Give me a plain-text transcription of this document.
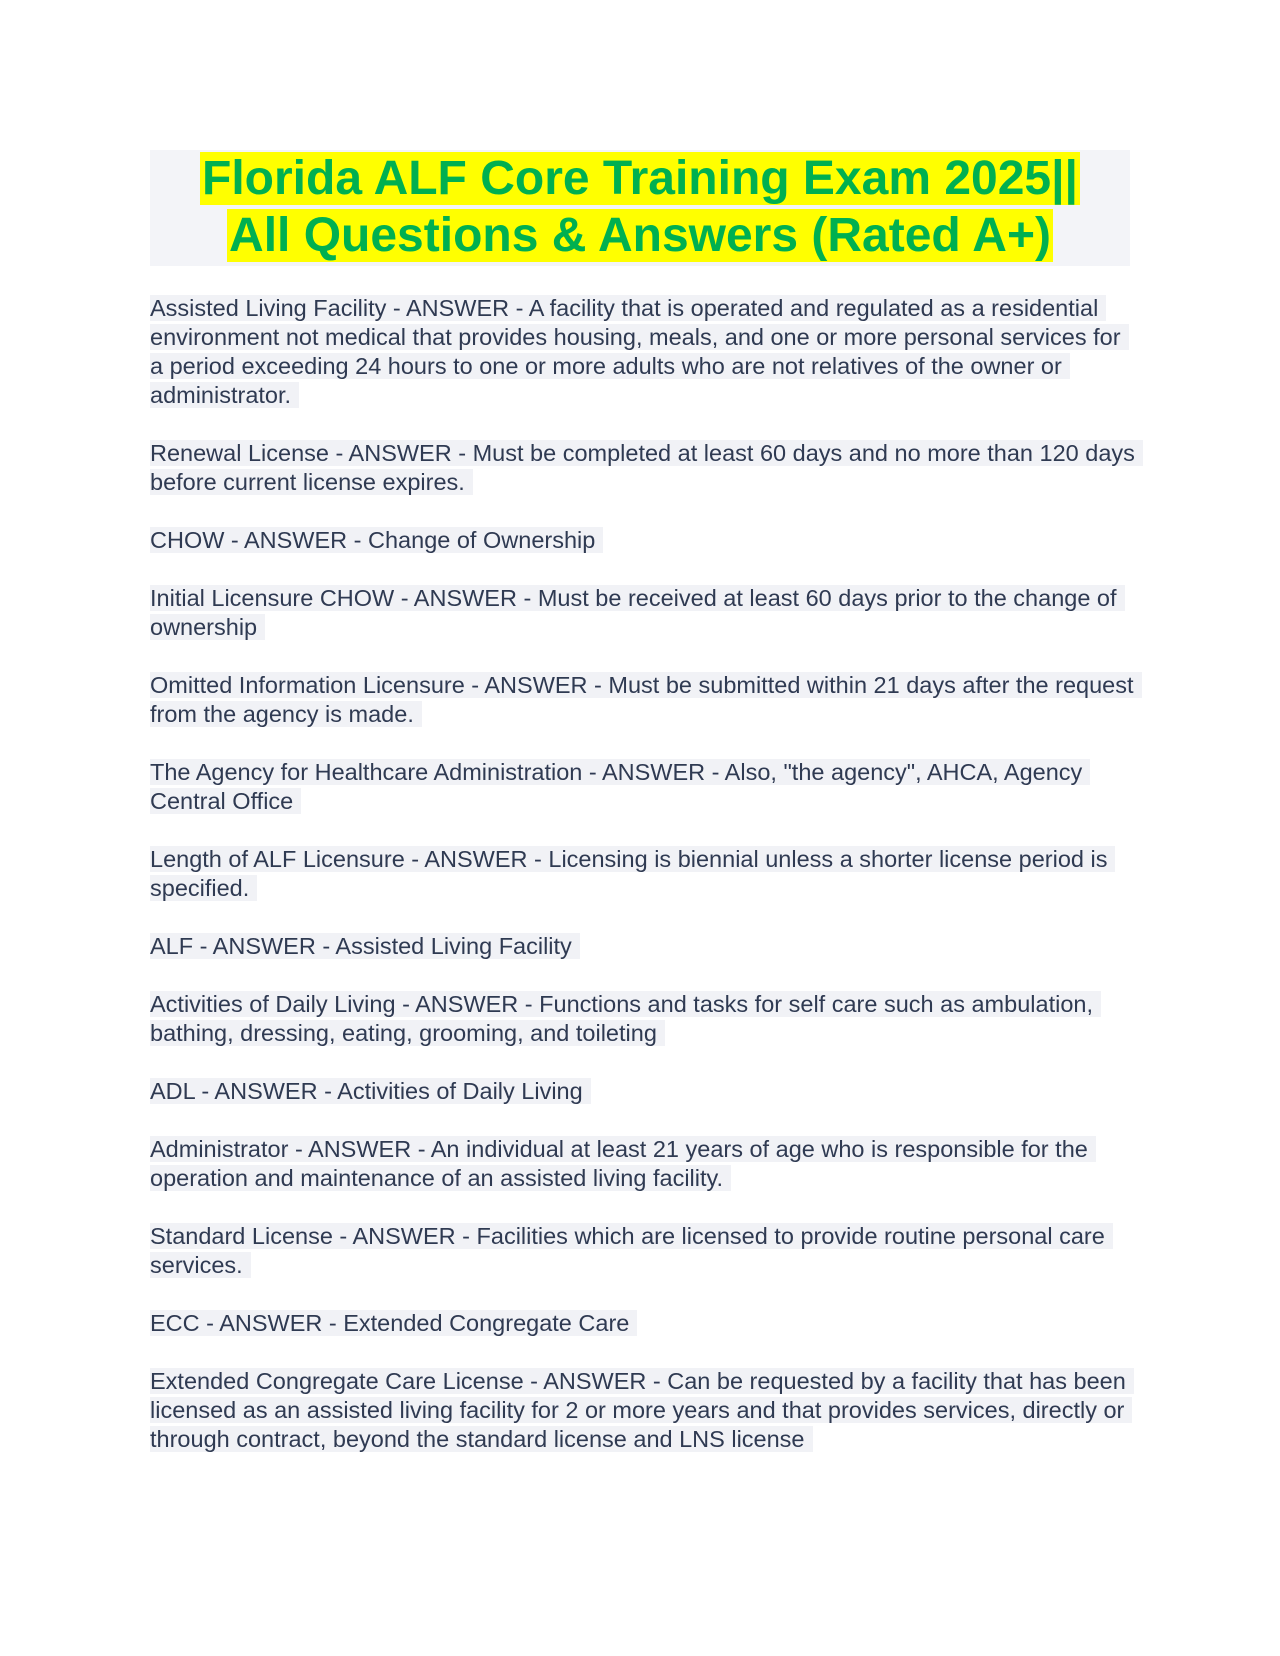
Florida ALF Core Training Exam 2025||
All Questions & Answers (Rated A+)

Assisted Living Facility - ANSWER - A facility that is operated and regulated as a residential environment not medical that provides housing, meals, and one or more personal services for a period exceeding 24 hours to one or more adults who are not relatives of the owner or administrator.

Renewal License - ANSWER - Must be completed at least 60 days and no more than 120 days before current license expires.

CHOW - ANSWER - Change of Ownership

Initial Licensure CHOW - ANSWER - Must be received at least 60 days prior to the change of ownership

Omitted Information Licensure - ANSWER - Must be submitted within 21 days after the request from the agency is made.

The Agency for Healthcare Administration - ANSWER - Also, "the agency", AHCA, Agency Central Office

Length of ALF Licensure - ANSWER - Licensing is biennial unless a shorter license period is specified.

ALF - ANSWER - Assisted Living Facility

Activities of Daily Living - ANSWER - Functions and tasks for self care such as ambulation, bathing, dressing, eating, grooming, and toileting

ADL - ANSWER - Activities of Daily Living

Administrator - ANSWER - An individual at least 21 years of age who is responsible for the operation and maintenance of an assisted living facility.

Standard License - ANSWER - Facilities which are licensed to provide routine personal care services.

ECC - ANSWER - Extended Congregate Care

Extended Congregate Care License - ANSWER - Can be requested by a facility that has been licensed as an assisted living facility for 2 or more years and that provides services, directly or through contract, beyond the standard license and LNS license
